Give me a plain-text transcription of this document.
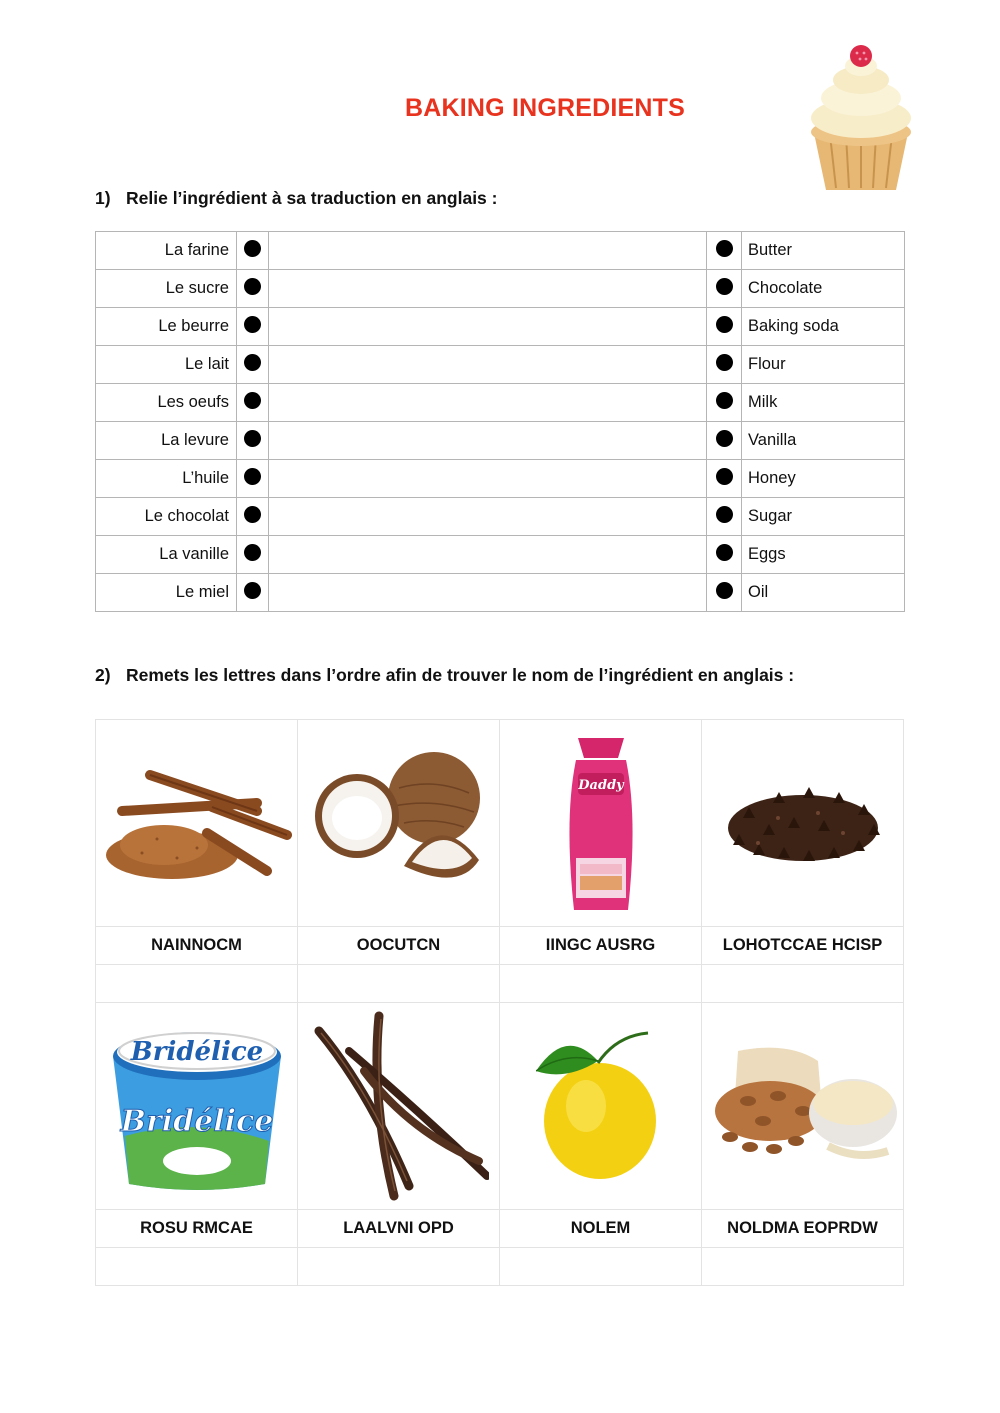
BAKING INGREDIENTS
1) Relie l’ingrédient à sa traduction en anglais :
La farine				Butter
Le sucre				Chocolate
Le beurre				Baking soda
Le lait				Flour
Les oeufs				Milk
La levure				Vanilla
L’huile				Honey
Le chocolat				Sugar
La vanille				Eggs
Le miel				Oil
2) Remets les lettres dans l’ordre afin de trouver le nom de l’ingrédient en anglais :

Daddy

NAINNOCM	OOCUTCN	IINGC AUSRG	LOHOTCCAE HCISP

Bridélice
Bridélice

ROSU RMCAE	LAALVNI OPD	NOLEM	NOLDMA EOPRDW
